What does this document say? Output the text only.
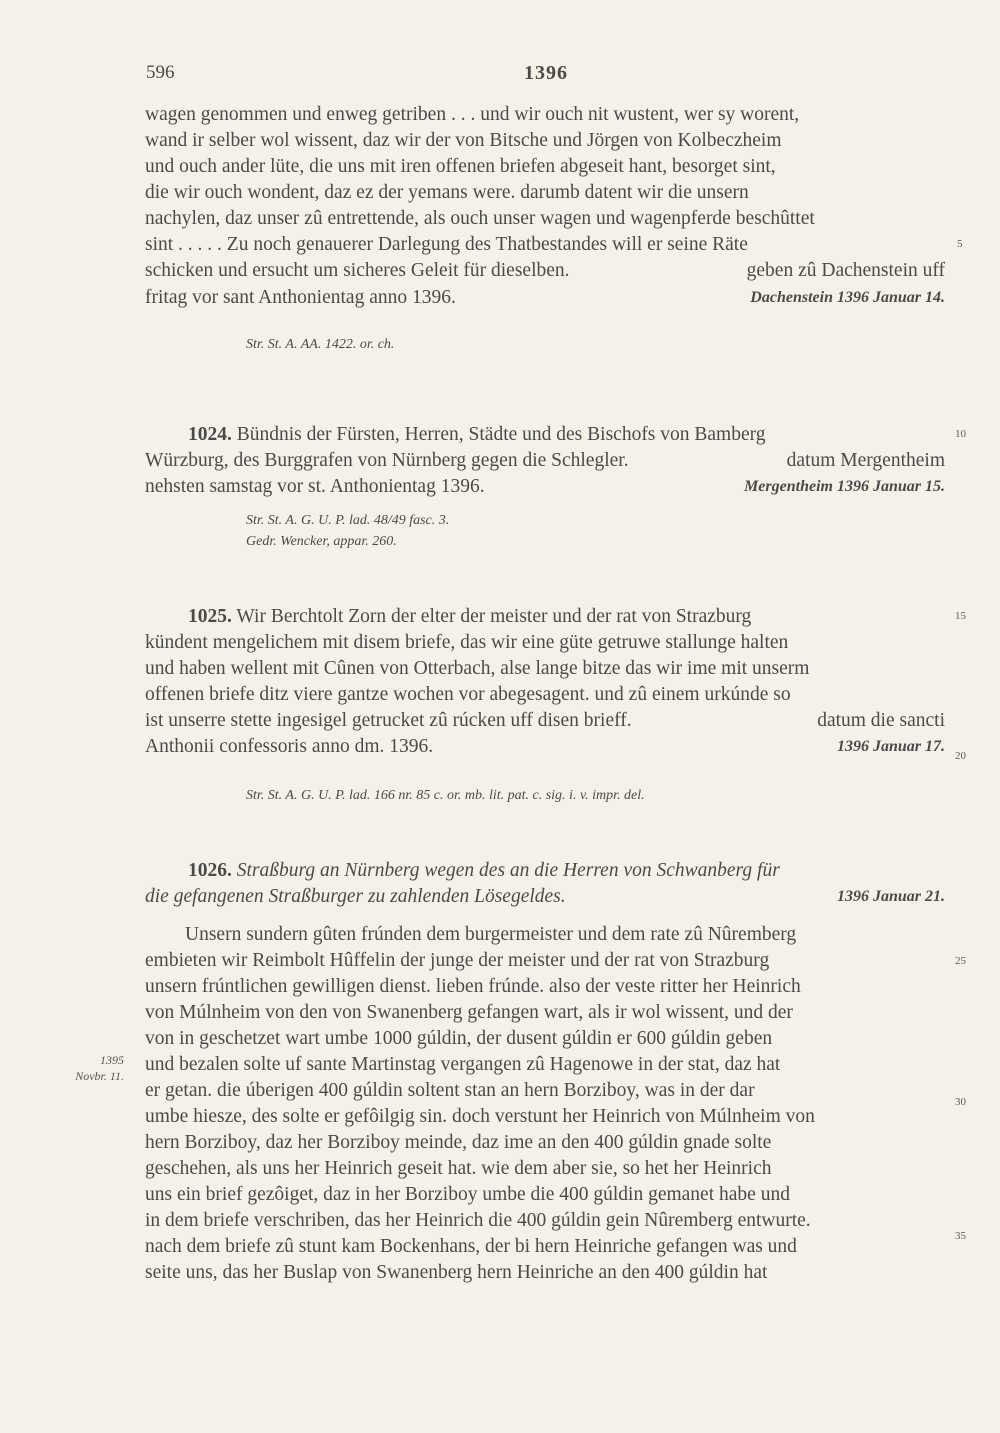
596	1396
wagen genommen und enweg getriben . . . und wir ouch nit wustent, wer sy worent,
wand ir selber wol wissent, daz wir der von Bitsche und Jörgen von Kolbeczheim
und ouch ander lüte, die uns mit iren offenen briefen abgeseit hant, besorget sint,
die wir ouch wondent, daz ez der yemans were. darumb datent wir die unsern
nachylen, daz unser zû entrettende, als ouch unser wagen und wagenpferde beschûttet
sint . . . . . Zu noch genauerer Darlegung des Thatbestandes will er seine Räte
schicken und ersucht um sicheres Geleit für dieselben.	geben zû Dachenstein uff
fritag vor sant Anthonientag anno 1396.	Dachenstein 1396 Januar 14.
Str. St. A. AA. 1422. or. ch.
1024. Bündnis der Fürsten, Herren, Städte und des Bischofs von Bamberg
Würzburg, des Burggrafen von Nürnberg gegen die Schlegler.	datum Mergentheim
nehsten samstag vor st. Anthonientag 1396.	Mergentheim 1396 Januar 15.
Str. St. A. G. U. P. lad. 48/49 fasc. 3.
Gedr. Wencker, appar. 260.
1025. Wir Berchtolt Zorn der elter der meister und der rat von Strazburg
kündent mengelichem mit disem briefe, das wir eine güte getruwe stallunge halten
und haben wellent mit Cûnen von Otterbach, alse lange bitze das wir ime mit unserm
offenen briefe ditz viere gantze wochen vor abegesagent. und zû einem urkúnde so
ist unserre stette ingesigel getrucket zû rúcken uff disen brieff.	datum die sancti
Anthonii confessoris anno dm. 1396.	1396 Januar 17.
Str. St. A. G. U. P. lad. 166 nr. 85 c. or. mb. lit. pat. c. sig. i. v. impr. del.
1026. Straßburg an Nürnberg wegen des an die Herren von Schwanberg für
die gefangenen Straßburger zu zahlenden Lösegeldes.	1396 Januar 21.
Unsern sundern gûten frúnden dem burgermeister und dem rate zû Nûremberg
embieten wir Reimbolt Hûffelin der junge der meister und der rat von Strazburg
unsern frúntlichen gewilligen dienst. lieben frúnde. also der veste ritter her Heinrich
von Múlnheim von den von Swanenberg gefangen wart, als ir wol wissent, und der
von in geschetzet wart umbe 1000 gúldin, der dusent gúldin er 600 gúldin geben
und bezalen solte uf sante Martinstag vergangen zû Hagenowe in der stat, daz hat
er getan. die úberigen 400 gúldin soltent stan an hern Borziboy, was in der dar
umbe hiesze, des solte er gefôilgig sin. doch verstunt her Heinrich von Múlnheim von
hern Borziboy, daz her Borziboy meinde, daz ime an den 400 gúldin gnade solte
geschehen, als uns her Heinrich geseit hat. wie dem aber sie, so het her Heinrich
uns ein brief gezôiget, daz in her Borziboy umbe die 400 gúldin gemanet habe und
in dem briefe verschriben, das her Heinrich die 400 gúldin gein Nûremberg entwurte.
nach dem briefe zû stunt kam Bockenhans, der bi hern Heinriche gefangen was und
seite uns, das her Buslap von Swanenberg hern Heinriche an den 400 gúldin hat
1395
Novbr. 11.
5
10
15
20
25
30
35
